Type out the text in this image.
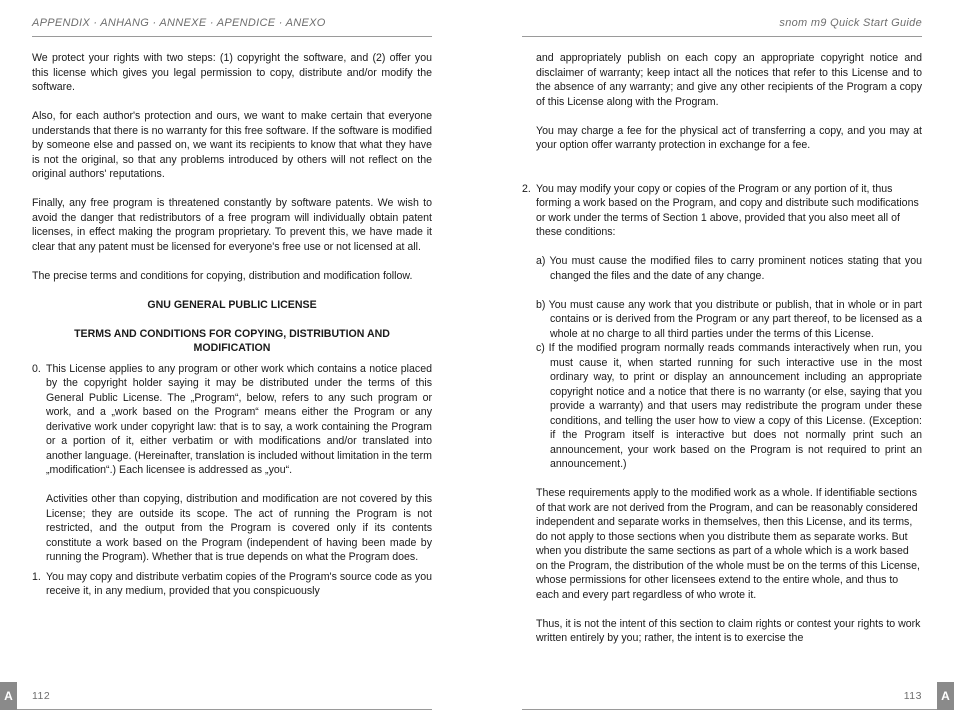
APPENDIX · ANHANG · ANNEXE · APENDICE · ANEXO

We protect your rights with two steps: (1) copyright the software, and (2) offer you this license which gives you legal permission to copy, distribute and/or modify the software.

Also, for each author's protection and ours, we want to make certain that everyone understands that there is no warranty for this free software. If the software is modified by someone else and passed on, we want its recipients to know that what they have is not the original, so that any problems introduced by others will not reflect on the original authors' reputations.

Finally, any free program is threatened constantly by software patents. We wish to avoid the danger that redistributors of a free program will individually obtain patent licenses, in effect making the program proprietary. To prevent this, we have made it clear that any patent must be licensed for everyone's free use or not licensed at all.

The precise terms and conditions for copying, distribution and modification follow.

GNU GENERAL PUBLIC LICENSE

TERMS AND CONDITIONS FOR COPYING, DISTRIBUTION AND MODIFICATION

0. This License applies to any program or other work which contains a notice placed by the copyright holder saying it may be distributed under the terms of this General Public License. The „Program“, below, refers to any such program or work, and a „work based on the Program“ means either the Program or any derivative work under copyright law: that is to say, a work containing the Program or a portion of it, either verbatim or with modifications and/or translated into another language. (Hereinafter, translation is included without limitation in the term „modification“.) Each licensee is addressed as „you“.

Activities other than copying, distribution and modification are not covered by this License; they are outside its scope. The act of running the Program is not restricted, and the output from the Program is covered only if its contents constitute a work based on the Program (independent of having been made by running the Program). Whether that is true depends on what the Program does.

1. You may copy and distribute verbatim copies of the Program's source code as you receive it, in any medium, provided that you conspicuously

A	112
snom m9 Quick Start Guide

and appropriately publish on each copy an appropriate copyright notice and disclaimer of warranty; keep intact all the notices that refer to this License and to the absence of any warranty; and give any other recipients of the Program a copy of this License along with the Program.

You may charge a fee for the physical act of transferring a copy, and you may at your option offer warranty protection in exchange for a fee.

2. You may modify your copy or copies of the Program or any portion of it, thus forming a work based on the Program, and copy and distribute such modifications or work under the terms of Section 1 above, provided that you also meet all of these conditions:

a) You must cause the modified files to carry prominent notices stating that you changed the files and the date of any change.

b) You must cause any work that you distribute or publish, that in whole or in part contains or is derived from the Program or any part thereof, to be licensed as a whole at no charge to all third parties under the terms of this License.

c) If the modified program normally reads commands interactively when run, you must cause it, when started running for such interactive use in the most ordinary way, to print or display an announcement including an appropriate copyright notice and a notice that there is no warranty (or else, saying that you provide a warranty) and that users may redistribute the program under these conditions, and telling the user how to view a copy of this License. (Exception: if the Program itself is interactive but does not normally print such an announcement, your work based on the Program is not required to print an announcement.)

These requirements apply to the modified work as a whole. If identifiable sections of that work are not derived from the Program, and can be reasonably considered independent and separate works in themselves, then this License, and its terms, do not apply to those sections when you distribute them as separate works. But when you distribute the same sections as part of a whole which is a work based on the Program, the distribution of the whole must be on the terms of this License, whose permissions for other licensees extend to the entire whole, and thus to each and every part regardless of who wrote it.

Thus, it is not the intent of this section to claim rights or contest your rights to work written entirely by you; rather, the intent is to exercise the

A
113
